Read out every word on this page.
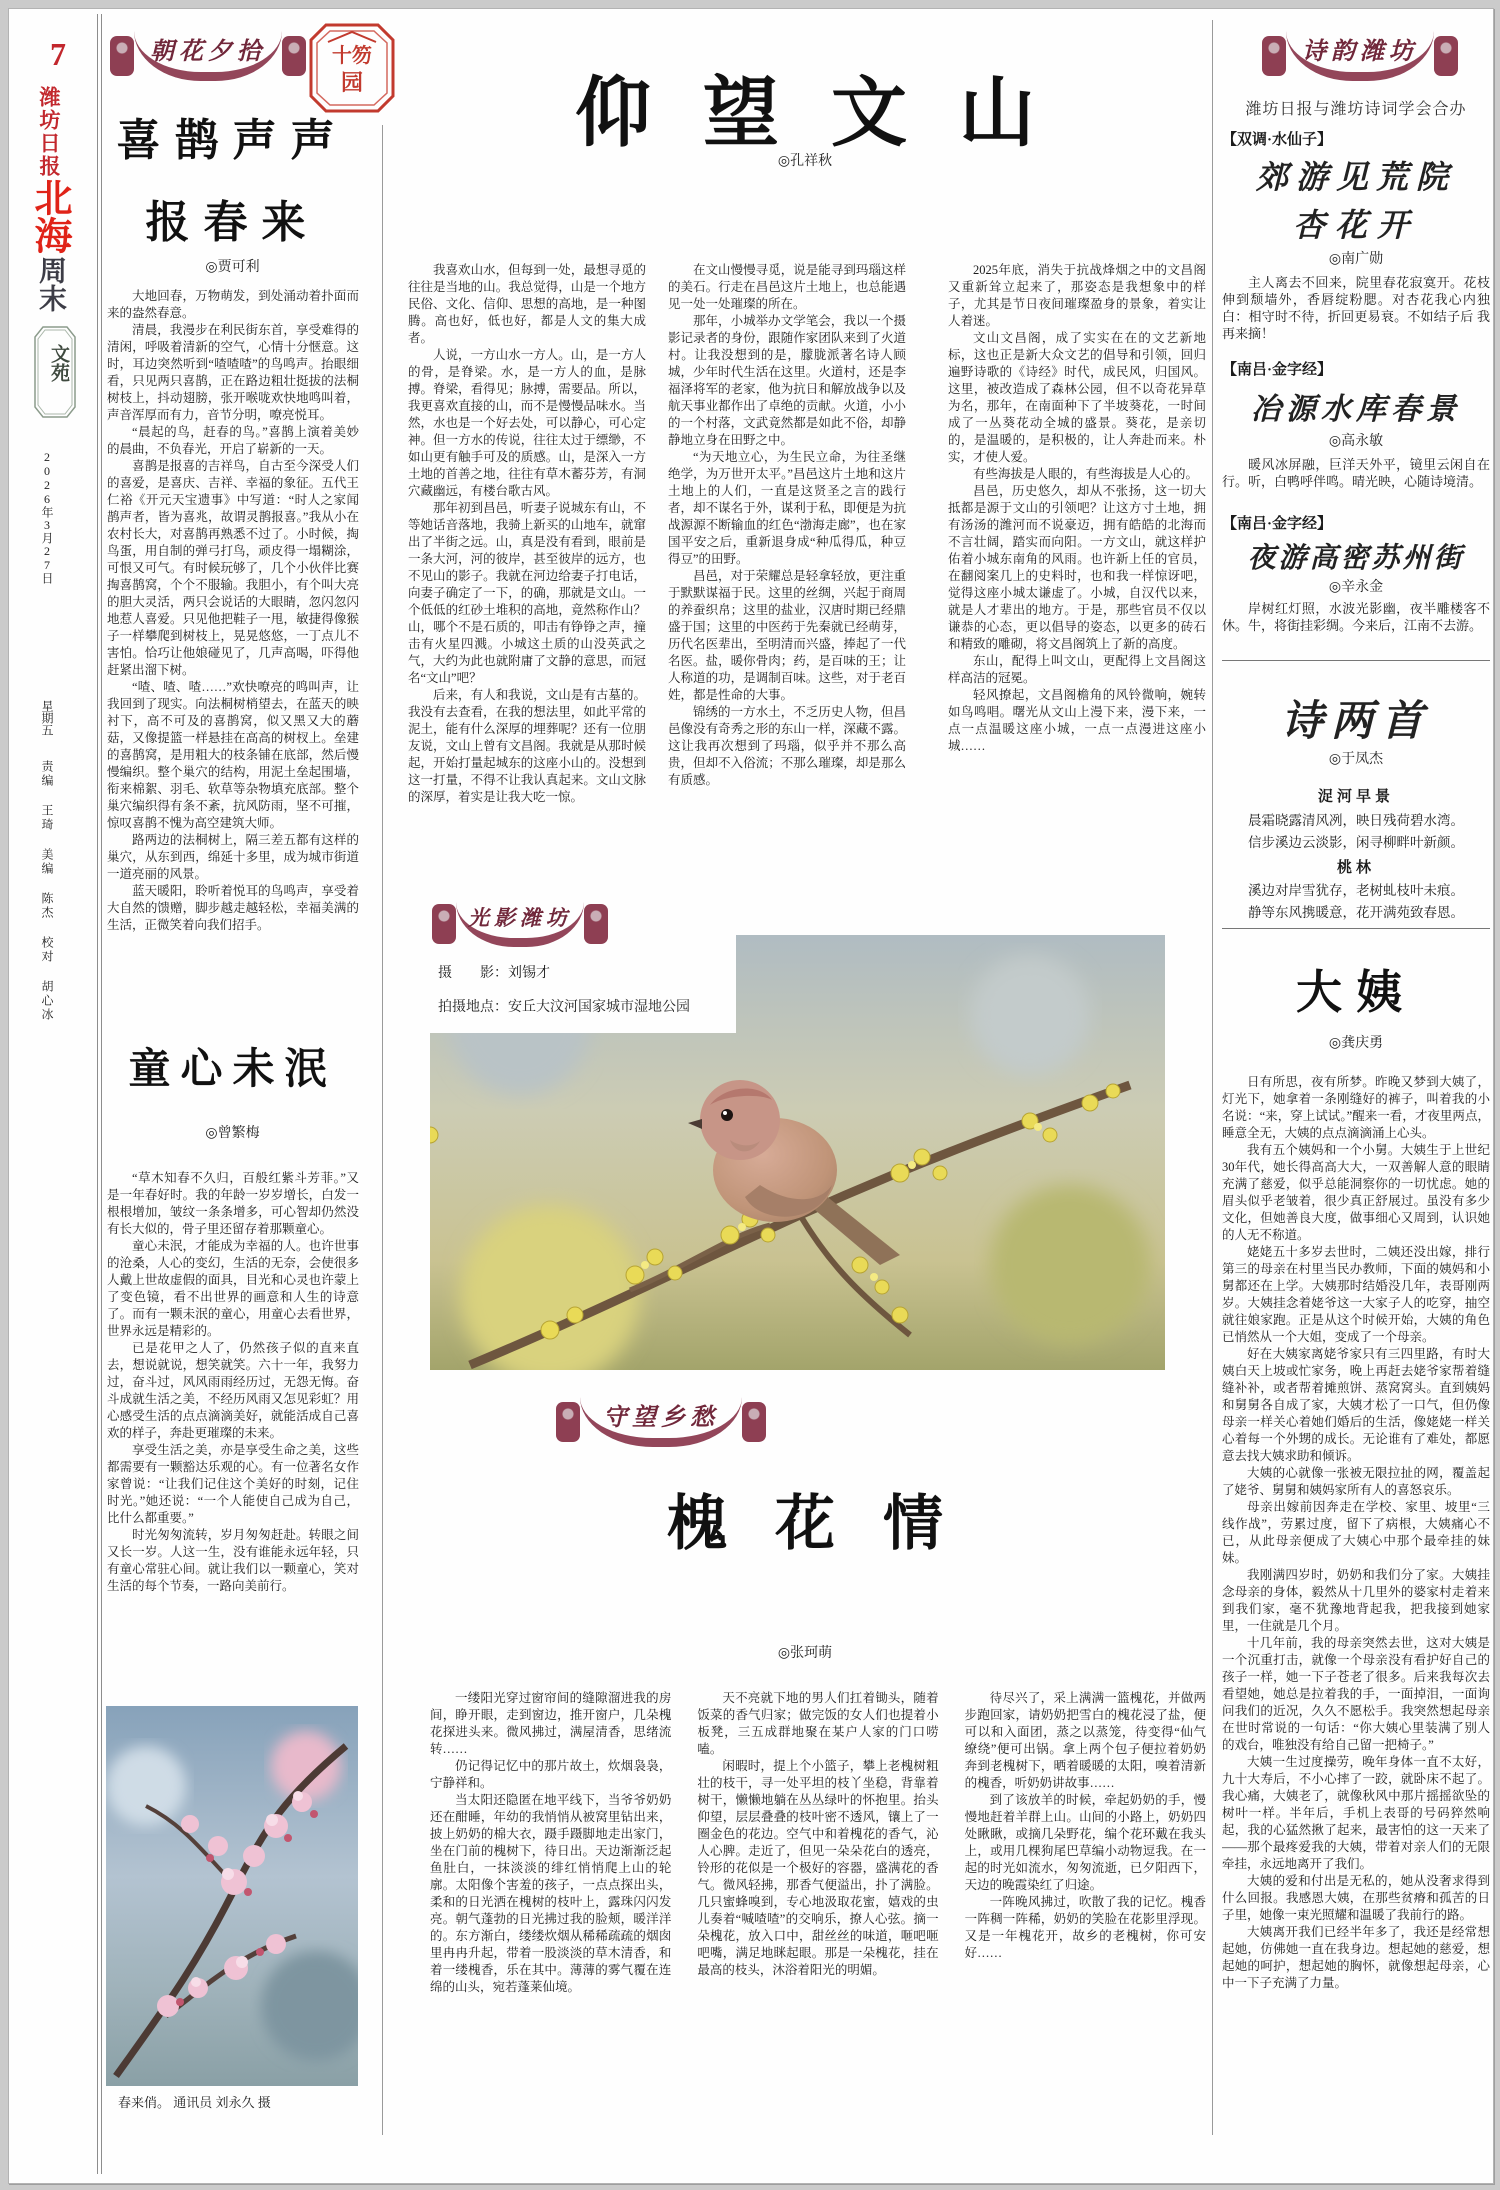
7
潍坊日报
北海
周末
文苑
2026年3月27日
星期五
责编 王琦 美编 陈杰 校对 胡心冰
朝花夕拾
喜鹊声声
报春来
◎贾可利

大地回春，万物萌发，到处涌动着扑面而来的盎然春意。

清晨，我漫步在利民街东首，享受难得的清闲，呼吸着清新的空气，心情十分惬意。这时，耳边突然听到“喳喳喳”的鸟鸣声。抬眼细看，只见两只喜鹊，正在路边粗壮挺拔的法桐树枝上，抖动翅膀，张开喉咙欢快地鸣叫着，声音浑厚而有力，音节分明，嘹亮悦耳。

“晨起的鸟，赶春的鸟。”喜鹊上演着美妙的晨曲，不负春光，开启了崭新的一天。

喜鹊是报喜的吉祥鸟，自古至今深受人们的喜爱，是喜庆、吉祥、幸福的象征。五代王仁裕《开元天宝遗事》中写道：“时人之家闻鹊声者，皆为喜兆，故谓灵鹊报喜。”我从小在农村长大，对喜鹊再熟悉不过了。小时候，掏鸟蛋，用自制的弹弓打鸟，顽皮得一塌糊涂，可恨又可气。有时候玩够了，几个小伙伴比赛掏喜鹊窝，个个不服输。我胆小，有个叫大亮的胆大灵活，两只会说话的大眼睛，忽闪忽闪地惹人喜爱。只见他把鞋子一甩，敏捷得像猴子一样攀爬到树枝上，晃晃悠悠，一丁点儿不害怕。恰巧让他娘碰见了，几声高喝，吓得他赶紧出溜下树。

“喳、喳、喳……”欢快嘹亮的鸣叫声，让我回到了现实。向法桐树梢望去，在蓝天的映衬下，高不可及的喜鹊窝，似又黑又大的蘑菇，又像提篮一样悬挂在高高的树杈上。垒建的喜鹊窝，是用粗大的枝条铺在底部，然后慢慢编织。整个巢穴的结构，用泥土垒起围墙，衔来棉絮、羽毛、软草等杂物填充底部。整个巢穴编织得有条不紊，抗风防雨，坚不可摧，惊叹喜鹊不愧为高空建筑大师。

路两边的法桐树上，隔三差五都有这样的巢穴，从东到西，绵延十多里，成为城市街道一道亮丽的风景。

蓝天暖阳，聆听着悦耳的鸟鸣声，享受着大自然的馈赠，脚步越走越轻松，幸福美满的生活，正微笑着向我们招手。

童心未泯
◎曾繁梅

“草木知春不久归，百般红紫斗芳菲。”又是一年春好时。我的年龄一岁岁增长，白发一根根增加，皱纹一条条增多，可心智却仍然没有长大似的，骨子里还留存着那颗童心。

童心未泯，才能成为幸福的人。也许世事的沧桑，人心的变幻，生活的无奈，会使很多人戴上世故虚假的面具，目光和心灵也许蒙上了变色镜，看不出世界的画意和人生的诗意了。而有一颗未泯的童心，用童心去看世界，世界永远是精彩的。

已是花甲之人了，仍然孩子似的直来直去，想说就说，想笑就笑。六十一年，我努力过，奋斗过，风风雨雨经历过，无怨无悔。奋斗成就生活之美，不经历风雨又怎见彩虹？用心感受生活的点点滴滴美好，就能活成自己喜欢的样子，奔赴更璀璨的未来。

享受生活之美，亦是享受生命之美，这些都需要有一颗豁达乐观的心。有一位著名女作家曾说：“让我们记住这个美好的时刻，记住时光。”她还说：“一个人能使自己成为自己，比什么都重要。”

时光匆匆流转，岁月匆匆赶赴。转眼之间又长一岁。人这一生，没有谁能永远年轻，只有童心常驻心间。就让我们以一颗童心，笑对生活的每个节奏，一路向美前行。

春来俏。 通讯员 刘永久 摄
十笏
园	仰望文山
◎孔祥秋

我喜欢山水，但每到一处，最想寻觅的往往是当地的山。我总觉得，山是一个地方民俗、文化、信仰、思想的高地，是一种图腾。高也好，低也好，都是人文的集大成者。

人说，一方山水一方人。山，是一方人的骨，是脊梁。水，是一方人的血，是脉搏。脊梁，看得见；脉搏，需要品。所以，我更喜欢直接的山，而不是慢慢品味水。当然，水也是一个好去处，可以静心，可心定神。但一方水的传说，往往太过于缥缈，不如山更有触手可及的质感。山，是深入一方土地的首善之地，往往有草木蓄芬芳，有洞穴藏幽远，有楼台歌古风。

那年初到昌邑，听妻子说城东有山，不等她话音落地，我骑上新买的山地车，就窜出了半街之远。山，真是没有看到，眼前是一条大河，河的彼岸，甚至彼岸的远方，也不见山的影子。我就在河边给妻子打电话，向妻子确定了一下，的确，那就是文山。一个低低的红砂土堆积的高地，竟然称作山？山，哪个不是石质的，叩击有铮铮之声，撞击有火星四溅。小城这土质的山没英武之气，大约为此也就附庸了文静的意思，而冠名“文山”吧？

后来，有人和我说，文山是有古墓的。我没有去查看，在我的想法里，如此平常的泥土，能有什么深厚的埋葬呢？还有一位朋友说，文山上曾有文昌阁。我就是从那时候起，开始打量起城东的这座小山的。没想到这一打量，不得不让我认真起来。文山文脉的深厚，着实是让我大吃一惊。

在文山慢慢寻觅，说是能寻到玛瑙这样的美石。行走在昌邑这片土地上，也总能遇见一处一处璀璨的所在。

那年，小城举办文学笔会，我以一个摄影记录者的身份，跟随作家团队来到了火道村。让我没想到的是，朦胧派著名诗人顾城，少年时代生活在这里。火道村，还是李福泽将军的老家，他为抗日和解放战争以及航天事业都作出了卓绝的贡献。火道，小小的一个村落，文武竟然都是如此不俗，却静静地立身在田野之中。

“为天地立心，为生民立命，为往圣继绝学，为万世开太平。”昌邑这片土地和这片土地上的人们，一直是这贤圣之言的践行者，却不谋名于外，谋利于私，即便是为抗战源源不断输血的红色“渤海走廊”，也在家国平安之后，重新退身成“种瓜得瓜，种豆得豆”的田野。

昌邑，对于荣耀总是轻拿轻放，更注重于默默谋福于民。这里的丝绸，兴起于商周的养蚕织帛；这里的盐业，汉唐时期已经鼎盛于国；这里的中医药于先秦就已经萌芽，历代名医辈出，至明清而兴盛，捧起了一代名医。盐，暖你骨肉；药，是百味的王；让人称道的功，是调制百味。这些，对于老百姓，都是性命的大事。

锦绣的一方水土，不乏历史人物，但昌邑像没有奇秀之形的东山一样，深藏不露。这让我再次想到了玛瑙，似乎并不那么高贵，但却不入俗流；不那么璀璨，却是那么有质感。

2025年底，消失于抗战烽烟之中的文昌阁又重新耸立起来了，那姿态是我想象中的样子，尤其是节日夜间璀璨盈身的景象，着实让人着迷。

文山文昌阁，成了实实在在的文艺新地标，这也正是新大众文艺的倡导和引领，回归遍野诗歌的《诗经》时代，成民风，归国风。这里，被改造成了森林公园，但不以奇花异草为名，那年，在南面种下了半坡葵花，一时间成了一丛葵花动全城的盛景。葵花，是亲切的，是温暖的，是积极的，让人奔赴而来。朴实，才使人爱。

有些海拔是人眼的，有些海拔是人心的。

昌邑，历史悠久，却从不张扬，这一切大抵都是源于文山的引领吧？让这方寸土地，拥有汤汤的潍河而不说豪迈，拥有皓皓的北海而不言壮阔，踏实而向阳。一方文山，就这样护佑着小城东南角的风雨。也许新上任的官员，在翻阅案几上的史料时，也和我一样惊讶吧，觉得这座小城太谦虚了。小城，自汉代以来，就是人才辈出的地方。于是，那些官员不仅以谦恭的心态，更以倡导的姿态，以更多的砖石和精致的雕砌，将文昌阁筑上了新的高度。

东山，配得上叫文山，更配得上文昌阁这样高洁的冠冕。

轻风撩起，文昌阁檐角的风铃微响，婉转如鸟鸣唱。曙光从文山上漫下来，漫下来，一点一点温暖这座小城，一点一点漫进这座小城……

光影潍坊
摄　　影：刘锡才
拍摄地点：安丘大汶河国家城市湿地公园
守望乡愁
槐花情
◎张珂萌

一缕阳光穿过窗帘间的缝隙溜进我的房间，睁开眼，走到窗边，推开窗户，几朵槐花探进头来。微风拂过，满屋清香，思绪流转……

仍记得记忆中的那片故土，炊烟袅袅，宁静祥和。

当太阳还隐匿在地平线下，当爷爷奶奶还在酣睡，年幼的我悄悄从被窝里钻出来，披上奶奶的棉大衣，蹑手蹑脚地走出家门，坐在门前的槐树下，待日出。天边渐渐泛起鱼肚白，一抹淡淡的绯红悄悄爬上山的轮廓。太阳像个害羞的孩子，一点点探出头，柔和的日光洒在槐树的枝叶上，露珠闪闪发亮。朝气蓬勃的日光拂过我的脸颊，暖洋洋的。东方渐白，缕缕炊烟从稀稀疏疏的烟囱里冉冉升起，带着一股淡淡的草木清香，和着一缕槐香，乐在其中。薄薄的雾气覆在连绵的山头，宛若蓬莱仙境。

天不亮就下地的男人们扛着锄头，随着饭菜的香气归家；做完饭的女人们也提着小板凳，三五成群地聚在某户人家的门口唠嗑。

闲暇时，提上个小篮子，攀上老槐树粗壮的枝干，寻一处平坦的枝丫坐稳，背靠着树干，懒懒地躺在丛丛绿叶的怀抱里。抬头仰望，层层叠叠的枝叶密不透风，镶上了一圈金色的花边。空气中和着槐花的香气，沁人心脾。走近了，但见一朵朵花白的透亮，铃形的花似是一个极好的容器，盛满花的香气。微风轻拂，那香气便溢出，扑了满脸。几只蜜蜂嗅到，专心地汲取花蜜，嬉戏的虫儿奏着“喊喳喳”的交响乐，撩人心弦。摘一朵槐花，放入口中，甜丝丝的味道，咂吧咂吧嘴，满足地眯起眼。那是一朵槐花，挂在最高的枝头，沐浴着阳光的明媚。

待尽兴了，采上满满一篮槐花，并做两步跑回家，请奶奶把雪白的槐花浸了盐，便可以和入面团，蒸之以蒸笼，待变得“仙气缭绕”便可出锅。拿上两个包子便拉着奶奶奔到老槐树下，晒着暖暖的太阳，嗅着清新的槐香，听奶奶讲故事……

到了该放羊的时候，牵起奶奶的手，慢慢地赶着羊群上山。山间的小路上，奶奶四处瞅瞅，或摘几朵野花，编个花环戴在我头上，或用几棵狗尾巴草编小动物逗我。在一起的时光如流水，匆匆流逝，已夕阳西下，天边的晚霞染红了归途。

一阵晚风拂过，吹散了我的记忆。槐香一阵稠一阵稀，奶奶的笑脸在花影里浮现。又是一年槐花开，故乡的老槐树，你可安好……

诗韵潍坊
潍坊日报与潍坊诗词学会合办
【双调·水仙子】
郊游见荒院
杏花开
◎南广勋

主人离去不回来，院里春花寂寞开。花枝伸到颓墙外，香唇绽粉腮。对杏花我心内独白：相守时不待，折回更易衰。不如结子后 我再来摘！

【南吕·金字经】
冶源水库春景
◎高永敏

暖风冰屏融，巨洋天外平，镜里云闲自在行。听，白鸭呼伴鸣。晴光映，心随诗境清。

【南吕·金字经】
夜游高密苏州街
◎辛永金

岸树红灯照，水波光影幽，夜半雕楼客不休。牛，将街挂彩绸。今来后，江南不去游。

诗两首
◎于凤杰
浞河早景
晨霜晓露清风冽，映日残荷碧水湾。
信步溪边云淡影，闲寻柳畔叶新颜。
桃林
溪边对岸雪犹存，老树虬枝叶未痕。
静等东风携暖意，花开满苑致春恩。
大姨
◎龚庆勇

日有所思，夜有所梦。昨晚又梦到大姨了，灯光下，她拿着一条刚缝好的裤子，叫着我的小名说：“来，穿上试试。”醒来一看，才夜里两点，睡意全无，大姨的点点滴滴涌上心头。

我有五个姨妈和一个小舅。大姨生于上世纪30年代，她长得高高大大，一双善解人意的眼睛充满了慈爱，似乎总能洞察你的一切忧虑。她的眉头似乎老皱着，很少真正舒展过。虽没有多少文化，但她善良大度，做事细心又周到，认识她的人无不称道。

姥姥五十多岁去世时，二姨还没出嫁，排行第三的母亲在村里当民办教师，下面的姨妈和小舅都还在上学。大姨那时结婚没几年，表哥刚两岁。大姨挂念着姥爷这一大家子人的吃穿，抽空就往娘家跑。正是从这个时候开始，大姨的角色已悄然从一个大姐，变成了一个母亲。

好在大姨家离姥爷家只有三四里路，有时大姨白天上坡或忙家务，晚上再赶去姥爷家帮着缝缝补补，或者帮着摊煎饼、蒸窝窝头。直到姨妈和舅舅各自成了家，大姨才松了一口气，但仍像母亲一样关心着她们婚后的生活，像姥姥一样关心着每一个外甥的成长。无论谁有了难处，都愿意去找大姨求助和倾诉。

大姨的心就像一张被无限拉扯的网，覆盖起了姥爷、舅舅和姨妈家所有人的喜怒哀乐。

母亲出嫁前因奔走在学校、家里、坡里“三线作战”，劳累过度，留下了病根，大姨痛心不已，从此母亲便成了大姨心中那个最牵挂的妹妹。

我刚满四岁时，奶奶和我们分了家。大姨挂念母亲的身体，毅然从十几里外的婆家村走着来到我们家，毫不犹豫地背起我，把我接到她家里，一住就是几个月。

十几年前，我的母亲突然去世，这对大姨是一个沉重打击，就像一个母亲没有看护好自己的孩子一样，她一下子苍老了很多。后来我每次去看望她，她总是拉着我的手，一面掉泪，一面询问我们的近况，久久不愿松手。我突然想起母亲在世时常说的一句话：“你大姨心里装满了别人的戏台，唯独没有给自己留一把椅子。”

大姨一生过度操劳，晚年身体一直不太好，九十大寿后，不小心摔了一跤，就卧床不起了。我心痛，大姨老了，就像秋风中那片摇摇欲坠的树叶一样。半年后，手机上表哥的号码猝然响起，我的心猛然揪了起来，最害怕的这一天来了——那个最疼爱我的大姨，带着对亲人们的无限牵挂，永远地离开了我们。

大姨的爱和付出是无私的，她从没奢求得到什么回报。我感恩大姨，在那些贫瘠和孤苦的日子里，她像一束光照耀和温暖了我前行的路。

大姨离开我们已经半年多了，我还是经常想起她，仿佛她一直在我身边。想起她的慈爱，想起她的呵护，想起她的胸怀，就像想起母亲，心中一下子充满了力量。
